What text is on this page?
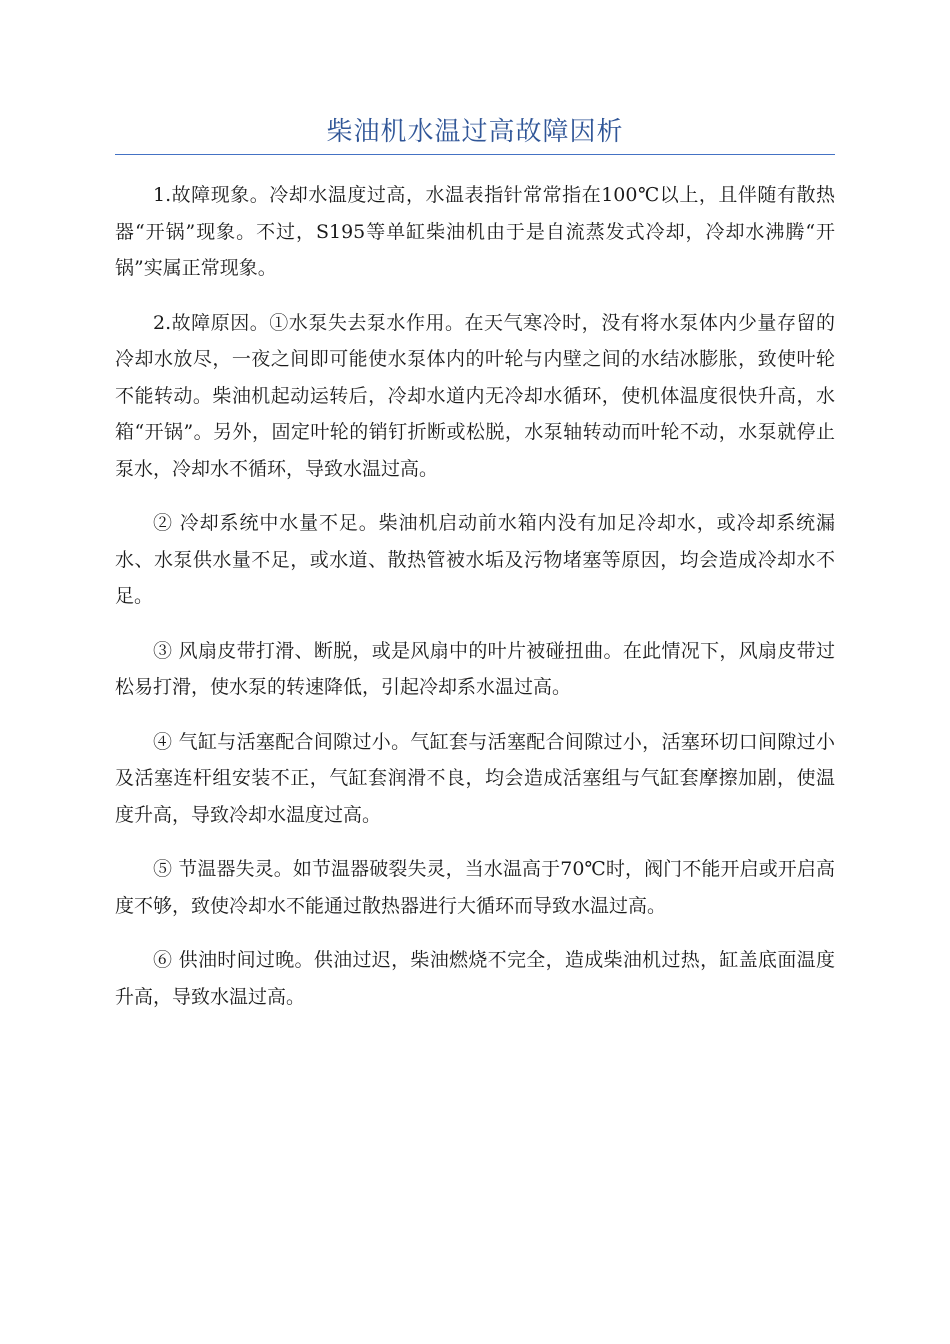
柴油机水温过高故障因析

1.故障现象。冷却水温度过高，水温表指针常常指在100℃以上，且伴随有散热器“开锅”现象。不过，S195等单缸柴油机由于是自流蒸发式冷却，冷却水沸腾“开锅”实属正常现象。

2.故障原因。①水泵失去泵水作用。在天气寒冷时，没有将水泵体内少量存留的冷却水放尽，一夜之间即可能使水泵体内的叶轮与内壁之间的水结冰膨胀，致使叶轮不能转动。柴油机起动运转后，冷却水道内无冷却水循环，使机体温度很快升高，水箱“开锅”。另外，固定叶轮的销钉折断或松脱，水泵轴转动而叶轮不动，水泵就停止泵水，冷却水不循环，导致水温过高。

② 冷却系统中水量不足。柴油机启动前水箱内没有加足冷却水，或冷却系统漏水、水泵供水量不足，或水道、散热管被水垢及污物堵塞等原因，均会造成冷却水不足。

③ 风扇皮带打滑、断脱，或是风扇中的叶片被碰扭曲。在此情况下，风扇皮带过松易打滑，使水泵的转速降低，引起冷却系水温过高。

④ 气缸与活塞配合间隙过小。气缸套与活塞配合间隙过小，活塞环切口间隙过小及活塞连杆组安装不正，气缸套润滑不良，均会造成活塞组与气缸套摩擦加剧，使温度升高，导致冷却水温度过高。

⑤ 节温器失灵。如节温器破裂失灵，当水温高于70℃时，阀门不能开启或开启高度不够，致使冷却水不能通过散热器进行大循环而导致水温过高。

⑥ 供油时间过晚。供油过迟，柴油燃烧不完全，造成柴油机过热，缸盖底面温度升高，导致水温过高。
